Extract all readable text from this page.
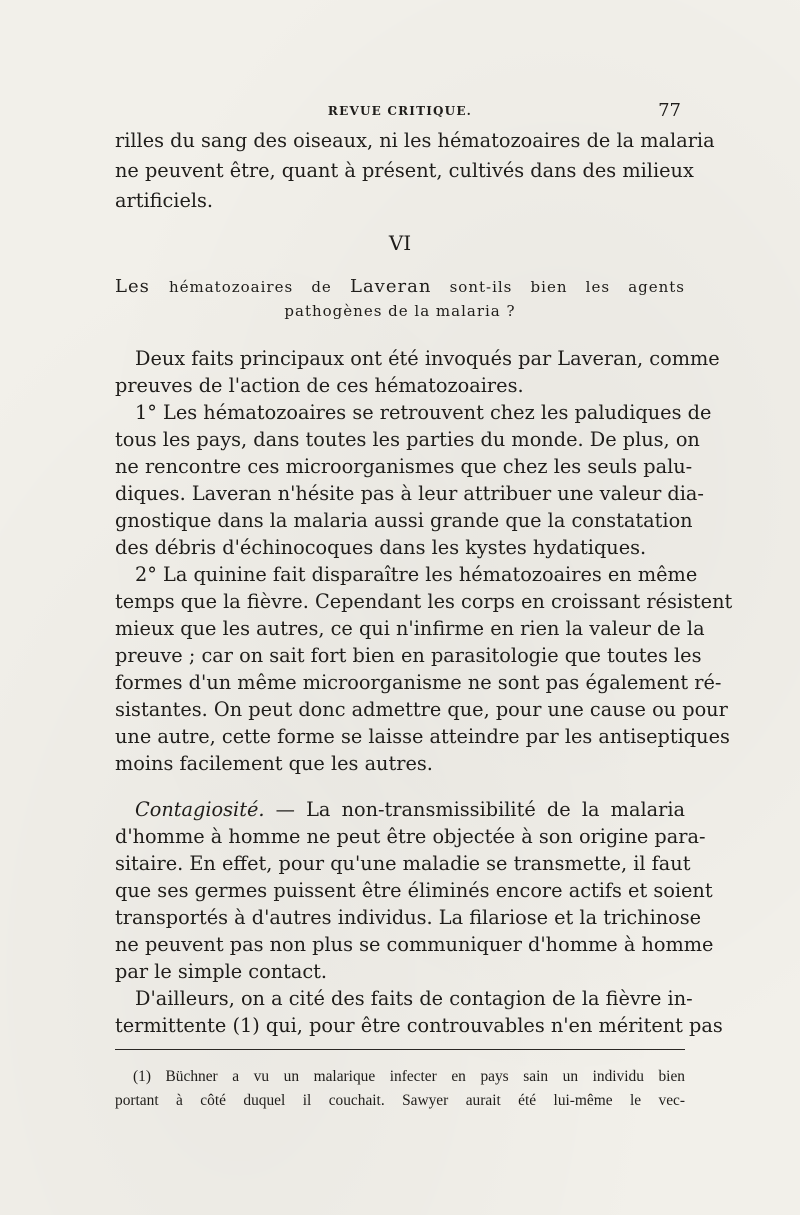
REVUE CRITIQUE.	77
rilles du sang des oiseaux, ni les hématozoaires de la malaria
ne peuvent être, quant à présent, cultivés dans des milieux
artificiels.
VI
Les hématozoaires de Laveran sont-ils bien les agents
pathogènes de la malaria ?
Deux faits principaux ont été invoqués par Laveran, comme
preuves de l'action de ces hématozoaires.
1° Les hématozoaires se retrouvent chez les paludiques de
tous les pays, dans toutes les parties du monde. De plus, on
ne rencontre ces microorganismes que chez les seuls palu-
diques. Laveran n'hésite pas à leur attribuer une valeur dia-
gnostique dans la malaria aussi grande que la constatation
des débris d'échinocoques dans les kystes hydatiques.
2° La quinine fait disparaître les hématozoaires en même
temps que la fièvre. Cependant les corps en croissant résistent
mieux que les autres, ce qui n'infirme en rien la valeur de la
preuve ; car on sait fort bien en parasitologie que toutes les
formes d'un même microorganisme ne sont pas également ré-
sistantes. On peut donc admettre que, pour une cause ou pour
une autre, cette forme se laisse atteindre par les antiseptiques
moins facilement que les autres.
Contagiosité. — La non-transmissibilité de la malaria
d'homme à homme ne peut être objectée à son origine para-
sitaire. En effet, pour qu'une maladie se transmette, il faut
que ses germes puissent être éliminés encore actifs et soient
transportés à d'autres individus. La filariose et la trichinose
ne peuvent pas non plus se communiquer d'homme à homme
par le simple contact.
D'ailleurs, on a cité des faits de contagion de la fièvre in-
termittente (1) qui, pour être controuvables n'en méritent pas
(1) Büchner a vu un malarique infecter en pays sain un individu bien
portant à côté duquel il couchait. Sawyer aurait été lui-même le vec-
